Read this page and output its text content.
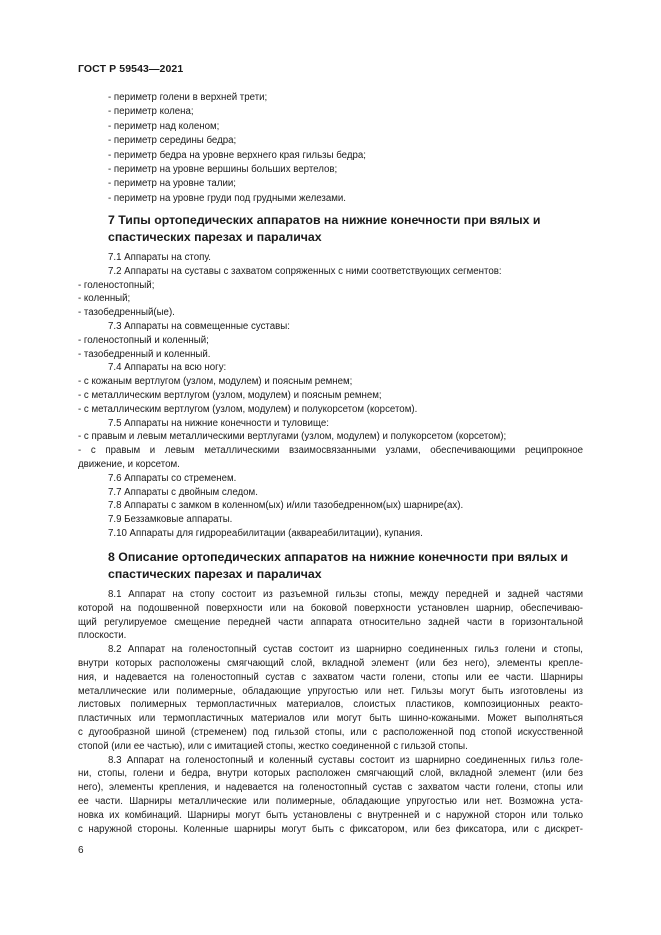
ГОСТ Р 59543—2021
- периметр голени в верхней трети;
- периметр колена;
- периметр над коленом;
- периметр середины бедра;
- периметр бедра на уровне верхнего края гильзы бедра;
- периметр на уровне вершины больших вертелов;
- периметр на уровне талии;
- периметр на уровне груди под грудными железами.
7 Типы ортопедических аппаратов на нижние конечности при вялых и спастических парезах и параличах
7.1 Аппараты на стопу.
7.2 Аппараты на суставы с захватом сопряженных с ними соответствующих сегментов:
- голеностопный;
- коленный;
- тазобедренный(ые).
7.3 Аппараты на совмещенные суставы:
- голеностопный и коленный;
- тазобедренный и коленный.
7.4 Аппараты на всю ногу:
- с кожаным вертлугом (узлом, модулем) и поясным ремнем;
- с металлическим вертлугом (узлом, модулем) и поясным ремнем;
- с металлическим вертлугом (узлом, модулем) и полукорсетом (корсетом).
7.5 Аппараты на нижние конечности и туловище:
- с правым и левым металлическими вертлугами (узлом, модулем) и полукорсетом (корсетом);
- с правым и левым металлическими взаимосвязанными узлами, обеспечивающими реципрокное
движение, и корсетом.
7.6 Аппараты со стременем.
7.7 Аппараты с двойным следом.
7.8 Аппараты с замком в коленном(ых) и/или тазобедренном(ых) шарнире(ах).
7.9 Беззамковые аппараты.
7.10 Аппараты для гидрореабилитации (аквареабилитации), купания.
8 Описание ортопедических аппаратов на нижние конечности при вялых и спастических парезах и параличах
8.1 Аппарат на стопу состоит из разъемной гильзы стопы, между передней и задней частями
которой на подошвенной поверхности или на боковой поверхности установлен шарнир, обеспечиваю-
щий регулируемое смещение передней части аппарата относительно задней части в горизонтальной
плоскости.
8.2 Аппарат на голеностопный сустав состоит из шарнирно соединенных гильз голени и стопы,
внутри которых расположены смягчающий слой, вкладной элемент (или без него), элементы крепле-
ния, и надевается на голеностопный сустав с захватом части голени, стопы или ее части. Шарниры
металлические или полимерные, обладающие упругостью или нет. Гильзы могут быть изготовлены из
листовых полимерных термопластичных материалов, слоистых пластиков, композиционных реакто-
пластичных или термопластичных материалов или могут быть шинно-кожаными. Может выполняться
с дугообразной шиной (стременем) под гильзой стопы, или с расположенной под стопой искусственной
стопой (или ее частью), или с имитацией стопы, жестко соединенной с гильзой стопы.
8.3 Аппарат на голеностопный и коленный суставы состоит из шарнирно соединенных гильз голе-
ни, стопы, голени и бедра, внутри которых расположен смягчающий слой, вкладной элемент (или без
него), элементы крепления, и надевается на голеностопный сустав с захватом части голени, стопы или
ее части. Шарниры металлические или полимерные, обладающие упругостью или нет. Возможна уста-
новка их комбинаций. Шарниры могут быть установлены с внутренней и с наружной сторон или только
с наружной стороны. Коленные шарниры могут быть с фиксатором, или без фиксатора, или с дискрет-
6
